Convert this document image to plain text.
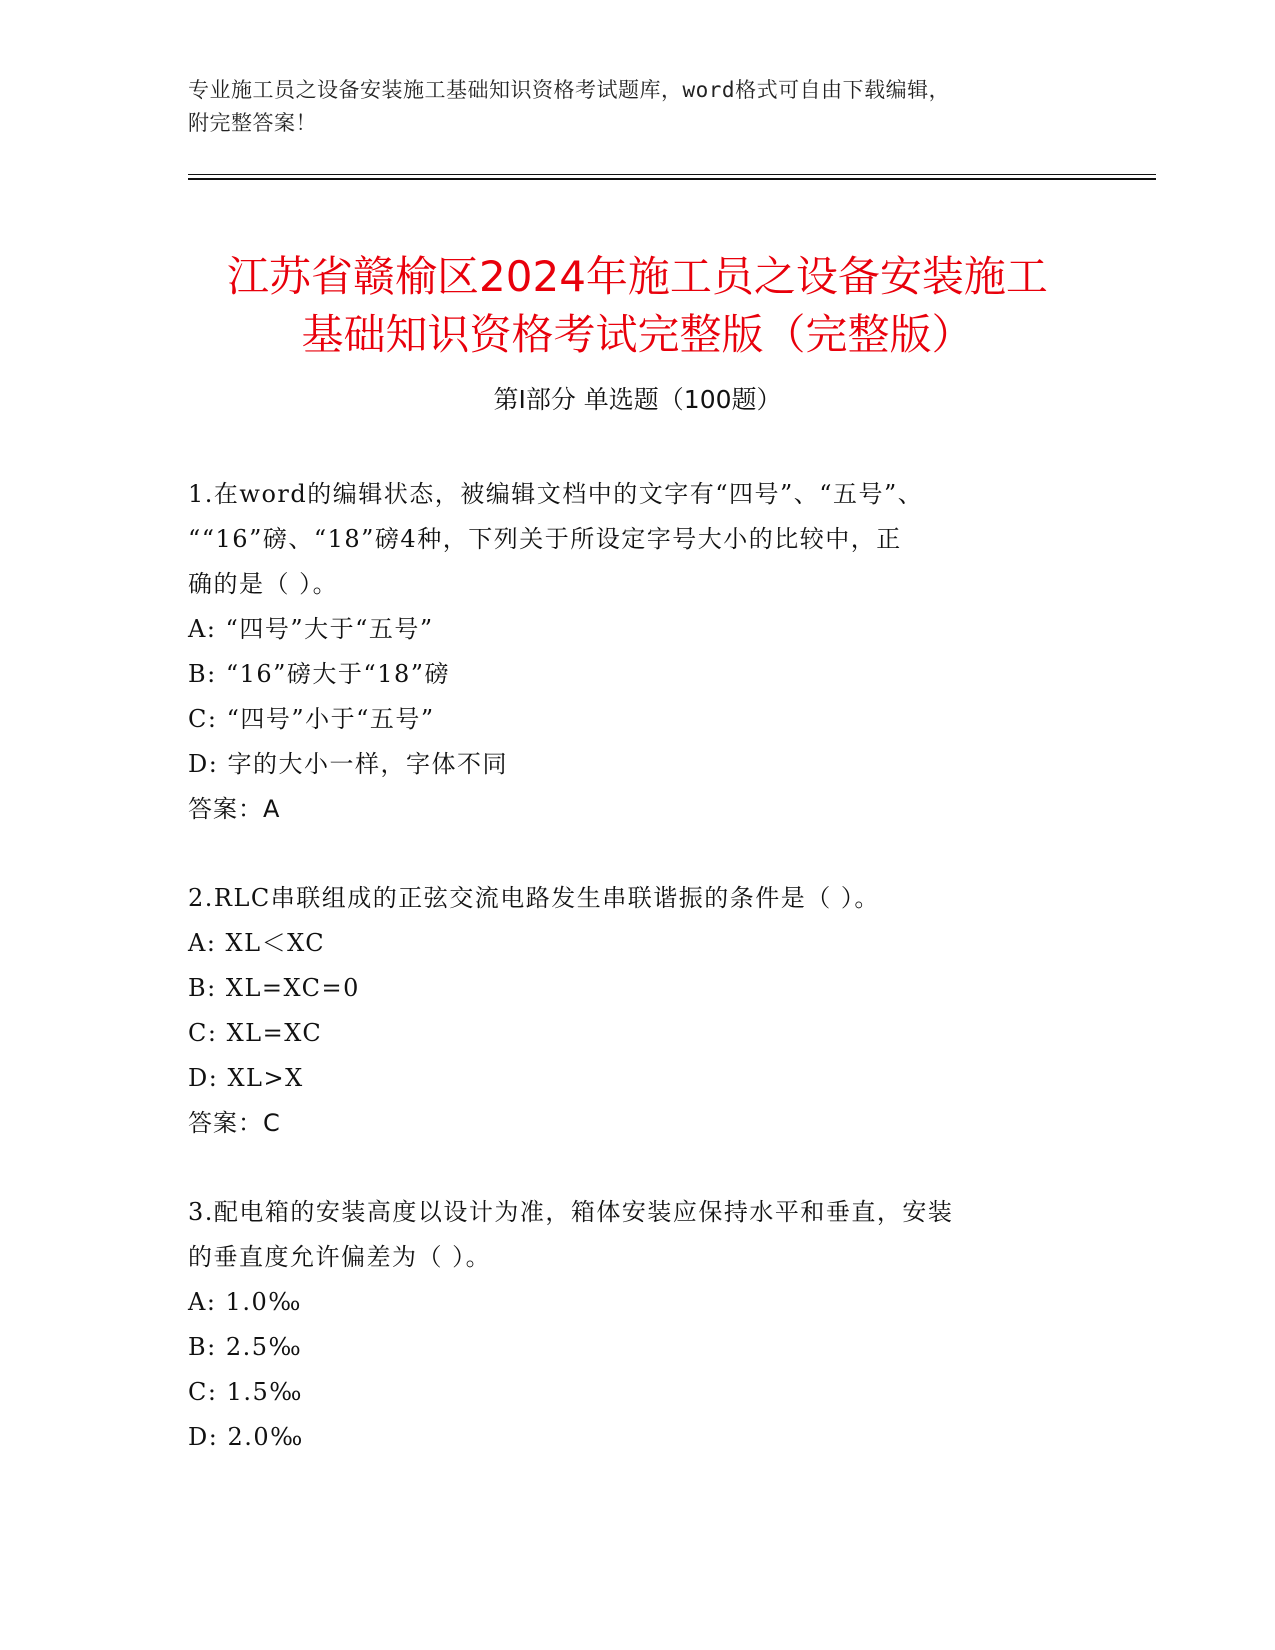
专业施工员之设备安装施工基础知识资格考试题库，word格式可自由下载编辑，
附完整答案！
江苏省赣榆区2024年施工员之设备安装施工
基础知识资格考试完整版（完整版）
第Ⅰ部分 单选题（100题）
1.在word的编辑状态，被编辑文档中的文字有“四号”、“五号”、
““16”磅、“18”磅4种，下列关于所设定字号大小的比较中，正
确的是（ ）。
A: “四号”大于“五号”
B: “16”磅大于“18”磅
C: “四号”小于“五号”
D: 字的大小一样，字体不同
答案：A
2.RLC串联组成的正弦交流电路发生串联谐振的条件是（ ）。
A: XL＜XC
B: XL=XC=0
C: XL=XC
D: XL>X
答案：C
3.配电箱的安装高度以设计为准，箱体安装应保持水平和垂直，安装
的垂直度允许偏差为（ ）。
A: 1.0‰
B: 2.5‰
C: 1.5‰
D: 2.0‰
